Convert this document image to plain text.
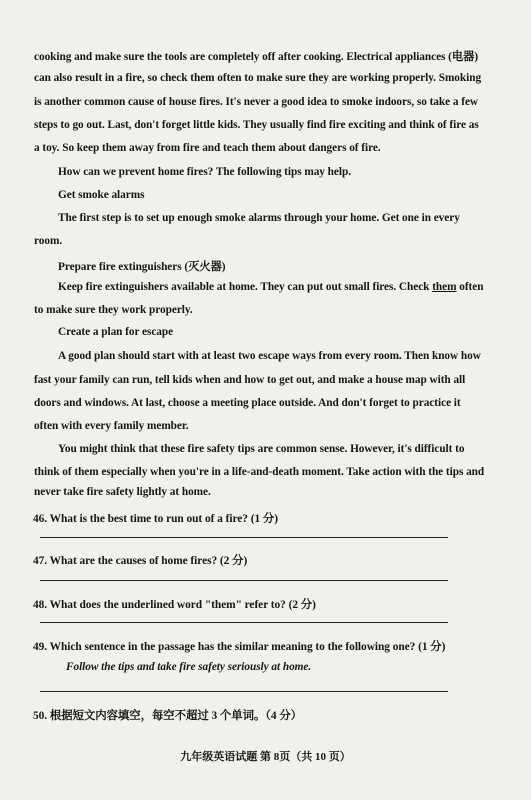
cooking and make sure the tools are completely off after cooking. Electrical appliances (电器)
can also result in a fire, so check them often to make sure they are working properly. Smoking
is another common cause of house fires. It's never a good idea to smoke indoors, so take a few
steps to go out. Last, don't forget little kids. They usually find fire exciting and think of fire as
a toy. So keep them away from fire and teach them about dangers of fire.
How can we prevent home fires? The following tips may help.
Get smoke alarms
The first step is to set up enough smoke alarms through your home. Get one in every
room.
Prepare fire extinguishers (灭火器)
Keep fire extinguishers available at home. They can put out small fires. Check them often
to make sure they work properly.
Create a plan for escape
A good plan should start with at least two escape ways from every room. Then know how
fast your family can run, tell kids when and how to get out, and make a house map with all
doors and windows. At last, choose a meeting place outside. And don't forget to practice it
often with every family member.
You might think that these fire safety tips are common sense. However, it's difficult to
think of them especially when you're in a life-and-death moment. Take action with the tips and
never take fire safety lightly at home.
46. What is the best time to run out of a fire? (1 分)
47. What are the causes of home fires? (2 分)
48. What does the underlined word "them" refer to? (2 分)
49. Which sentence in the passage has the similar meaning to the following one? (1 分)
Follow the tips and take fire safety seriously at home.
50. 根据短文内容填空，每空不超过 3 个单词。（4 分）
九年级英语试题 第 8页（共 10 页）
